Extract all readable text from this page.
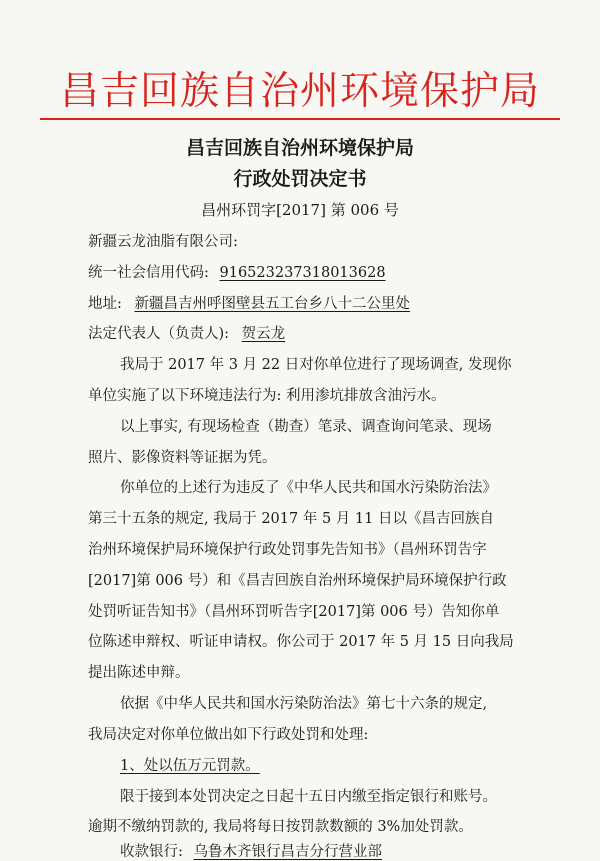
昌吉回族自治州环境保护局
昌吉回族自治州环境保护局
行政处罚决定书
昌州环罚字[2017] 第 006 号
新疆云龙油脂有限公司:
统一社会信用代码: 916523237318013628
地址: 新疆昌吉州呼图壁县五工台乡八十二公里处
法定代表人（负责人): 贺云龙
我局于 2017 年 3 月 22 日对你单位进行了现场调查, 发现你
单位实施了以下环境违法行为: 利用渗坑排放含油污水。
以上事实, 有现场检查（勘查）笔录、调查询问笔录、现场
照片、影像资料等证据为凭。
你单位的上述行为违反了《中华人民共和国水污染防治法》
第三十五条的规定, 我局于 2017 年 5 月 11 日以《昌吉回族自
治州环境保护局环境保护行政处罚事先告知书》（昌州环罚告字
[2017]第 006 号）和《昌吉回族自治州环境保护局环境保护行政
处罚听证告知书》（昌州环罚听告字[2017]第 006 号）告知你单
位陈述申辩权、听证申请权。你公司于 2017 年 5 月 15 日向我局
提出陈述申辩。
依据《中华人民共和国水污染防治法》第七十六条的规定,
我局决定对你单位做出如下行政处罚和处理:
1、处以伍万元罚款。
限于接到本处罚决定之日起十五日内缴至指定银行和账号。
逾期不缴纳罚款的, 我局将每日按罚款数额的 3%加处罚款。
收款银行: 乌鲁木齐银行昌吉分行营业部
